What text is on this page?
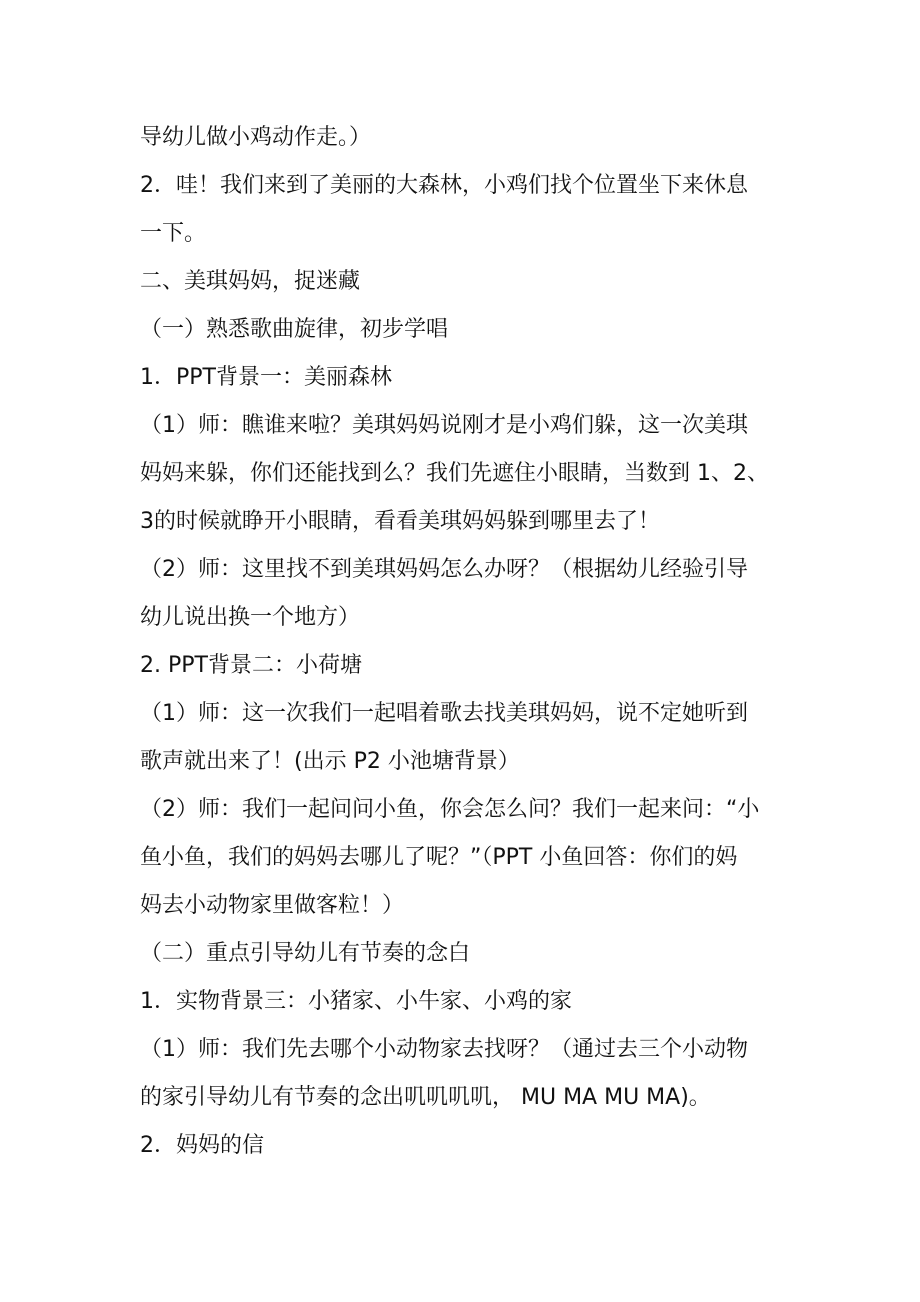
导幼儿做小鸡动作走。）
2．哇！我们来到了美丽的大森林，小鸡们找个位置坐下来休息
一下。
二、美琪妈妈，捉迷藏
（一）熟悉歌曲旋律，初步学唱
1．PPT背景一：美丽森林
（1）师：瞧谁来啦？美琪妈妈说刚才是小鸡们躲，这一次美琪
妈妈来躲，你们还能找到么？我们先遮住小眼睛，当数到 1、2、
3的时候就睁开小眼睛，看看美琪妈妈躲到哪里去了！
（2）师：这里找不到美琪妈妈怎么办呀？（根据幼儿经验引导
幼儿说出换一个地方）
2. PPT背景二：小荷塘
（1）师：这一次我们一起唱着歌去找美琪妈妈，说不定她听到
歌声就出来了！(出示 P2 小池塘背景）
（2）师：我们一起问问小鱼，你会怎么问？我们一起来问：“小
鱼小鱼，我们的妈妈去哪儿了呢？”（PPT 小鱼回答：你们的妈
妈去小动物家里做客粒！）
（二）重点引导幼儿有节奏的念白
1．实物背景三：小猪家、小牛家、小鸡的家
（1）师：我们先去哪个小动物家去找呀？（通过去三个小动物
的家引导幼儿有节奏的念出叽叽叽叽， MU MA MU MA)。
2．妈妈的信
